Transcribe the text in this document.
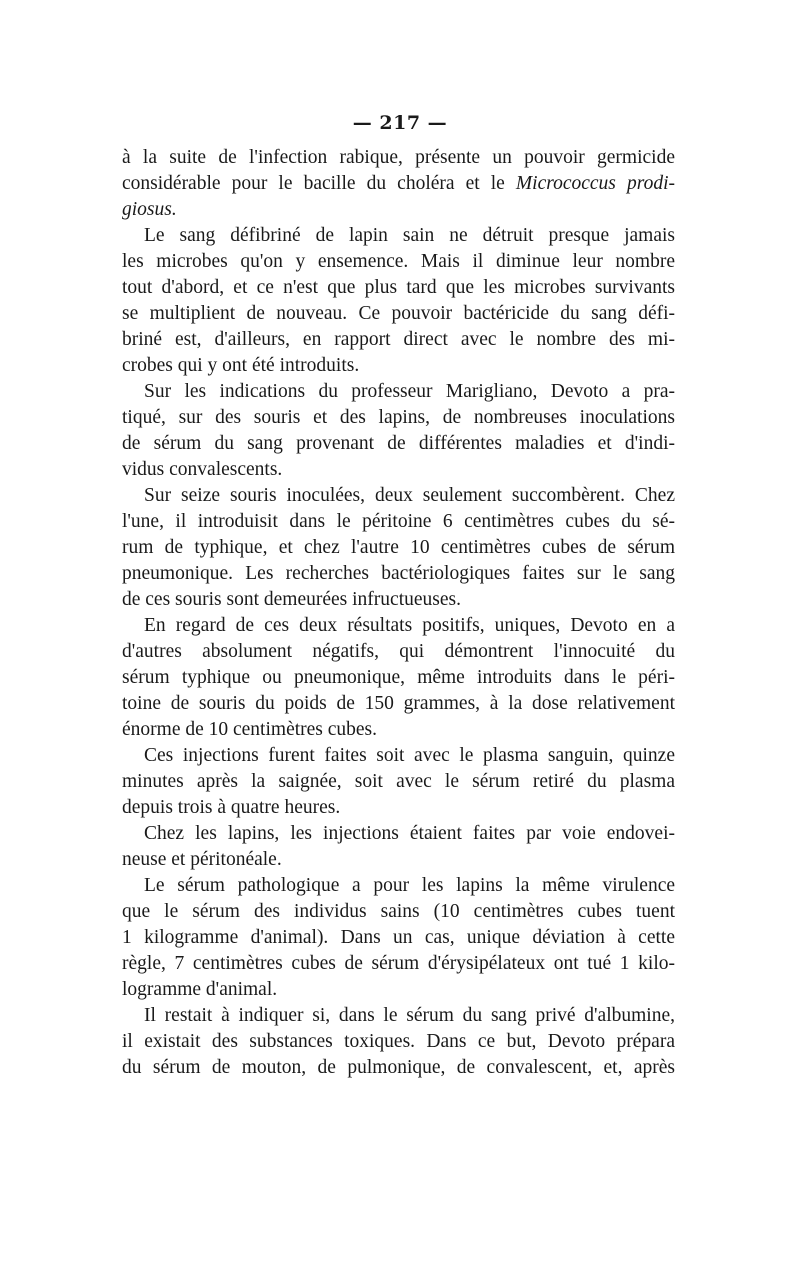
— 217 —
à la suite de l'infection rabique, présente un pouvoir germicide
considérable pour le bacille du choléra et le Micrococcus prodi-
giosus.
Le sang défibriné de lapin sain ne détruit presque jamais
les microbes qu'on y ensemence. Mais il diminue leur nombre
tout d'abord, et ce n'est que plus tard que les microbes survivants
se multiplient de nouveau. Ce pouvoir bactéricide du sang défi-
briné est, d'ailleurs, en rapport direct avec le nombre des mi-
crobes qui y ont été introduits.
Sur les indications du professeur Marigliano, Devoto a pra-
tiqué, sur des souris et des lapins, de nombreuses inoculations
de sérum du sang provenant de différentes maladies et d'indi-
vidus convalescents.
Sur seize souris inoculées, deux seulement succombèrent. Chez
l'une, il introduisit dans le péritoine 6 centimètres cubes du sé-
rum de typhique, et chez l'autre 10 centimètres cubes de sérum
pneumonique. Les recherches bactériologiques faites sur le sang
de ces souris sont demeurées infructueuses.
En regard de ces deux résultats positifs, uniques, Devoto en a
d'autres absolument négatifs, qui démontrent l'innocuité du
sérum typhique ou pneumonique, même introduits dans le péri-
toine de souris du poids de 150 grammes, à la dose relativement
énorme de 10 centimètres cubes.
Ces injections furent faites soit avec le plasma sanguin, quinze
minutes après la saignée, soit avec le sérum retiré du plasma
depuis trois à quatre heures.
Chez les lapins, les injections étaient faites par voie endovei-
neuse et péritonéale.
Le sérum pathologique a pour les lapins la même virulence
que le sérum des individus sains (10 centimètres cubes tuent
1 kilogramme d'animal). Dans un cas, unique déviation à cette
règle, 7 centimètres cubes de sérum d'érysipélateux ont tué 1 kilo-
logramme d'animal.
Il restait à indiquer si, dans le sérum du sang privé d'albumine,
il existait des substances toxiques. Dans ce but, Devoto prépara
du sérum de mouton, de pulmonique, de convalescent, et, après
